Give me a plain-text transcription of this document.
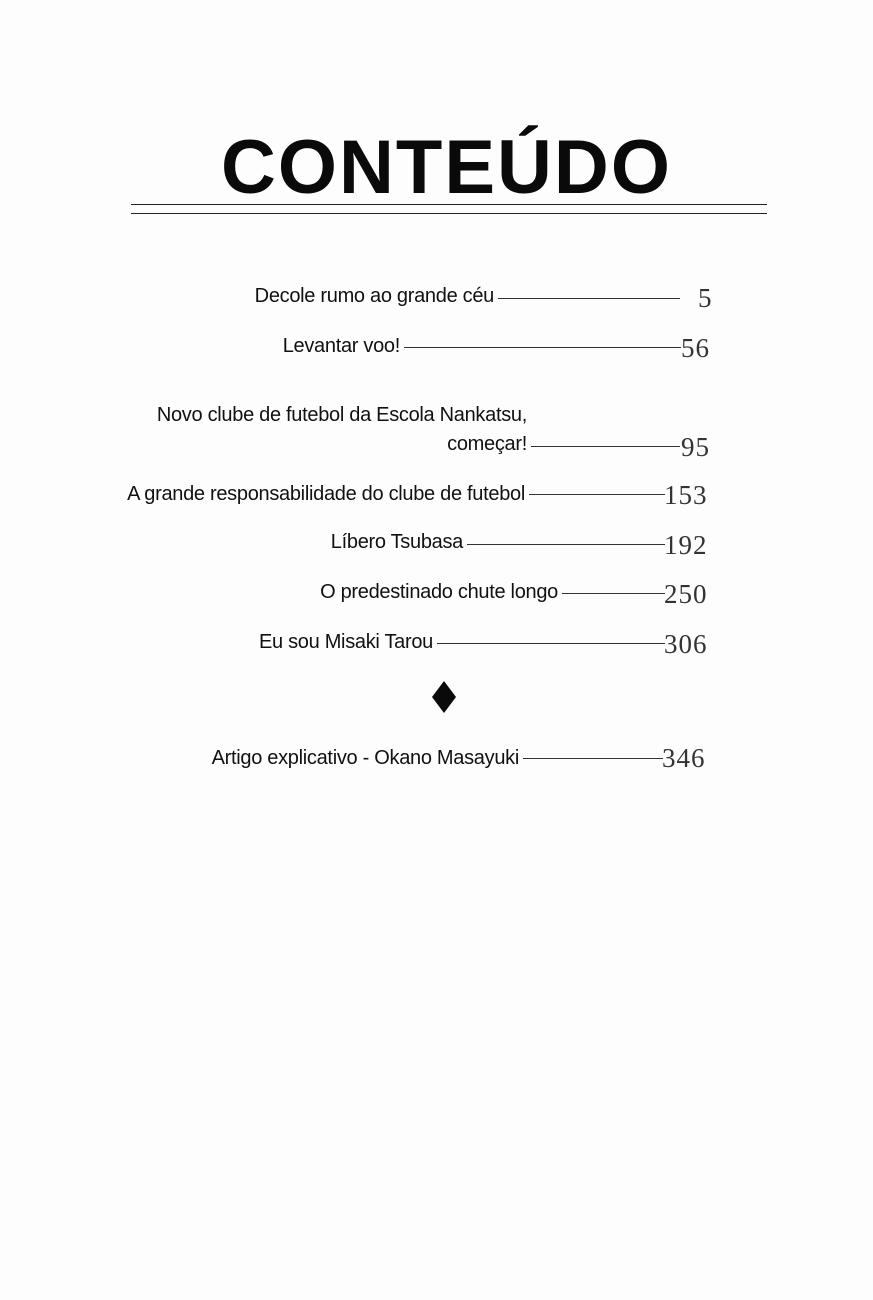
CONTEÚDO
Decole rumo ao grande céu	5
Levantar voo!	56
Novo clube de futebol da Escola Nankatsu,
começar!	95
A grande responsabilidade do clube de futebol	153
Líbero Tsubasa	192
O predestinado chute longo	250
Eu sou Misaki Tarou	306
Artigo explicativo - Okano Masayuki	346
